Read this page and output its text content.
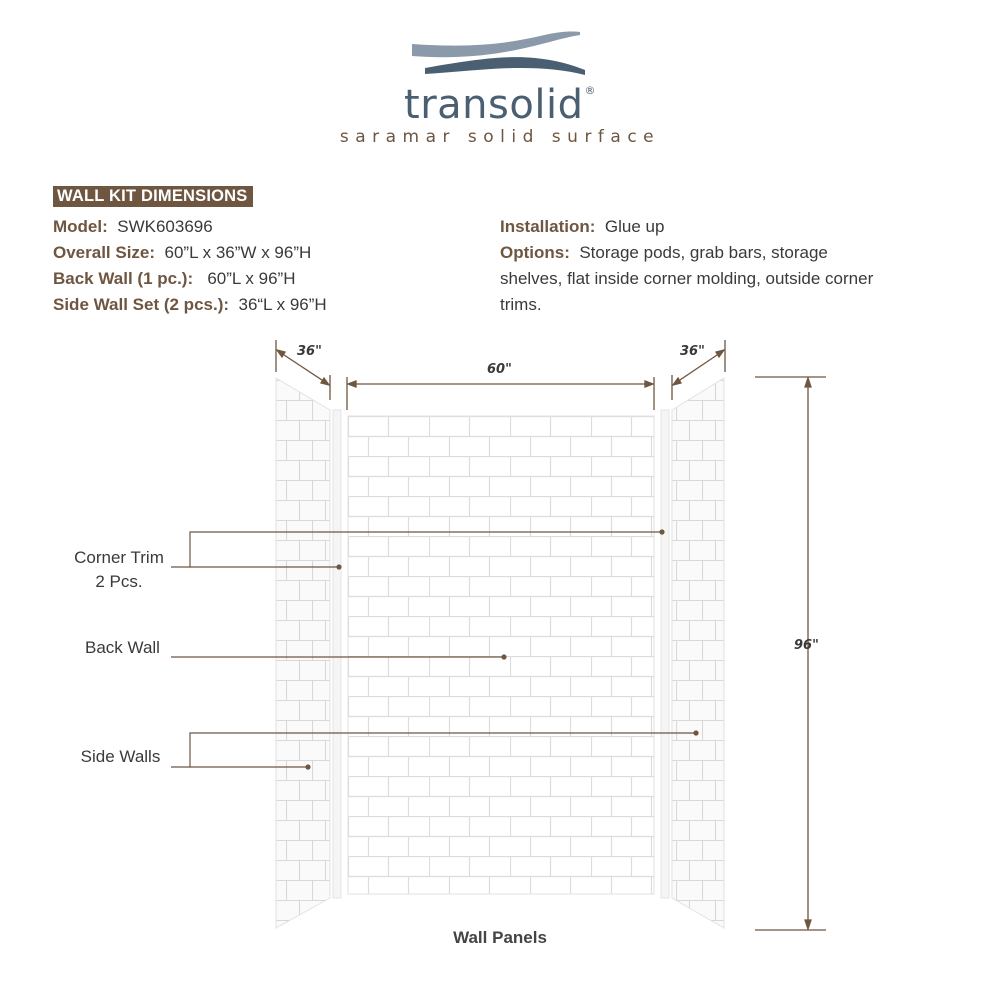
transolid®
saramar solid surface
WALL KIT DIMENSIONS
Model: SWK603696
Overall Size: 60”L x 36”W x 96”H
Back Wall (1 pc.): 60”L x 96”H
Side Wall Set (2 pcs.): 36“L x 96”H
Installation: Glue up
Options: Storage pods, grab bars, storage shelves, flat inside corner molding, outside corner trims.
36"
60"
36"
96"
Corner Trim
2 Pcs.
Back Wall
Side Walls
Wall Panels
